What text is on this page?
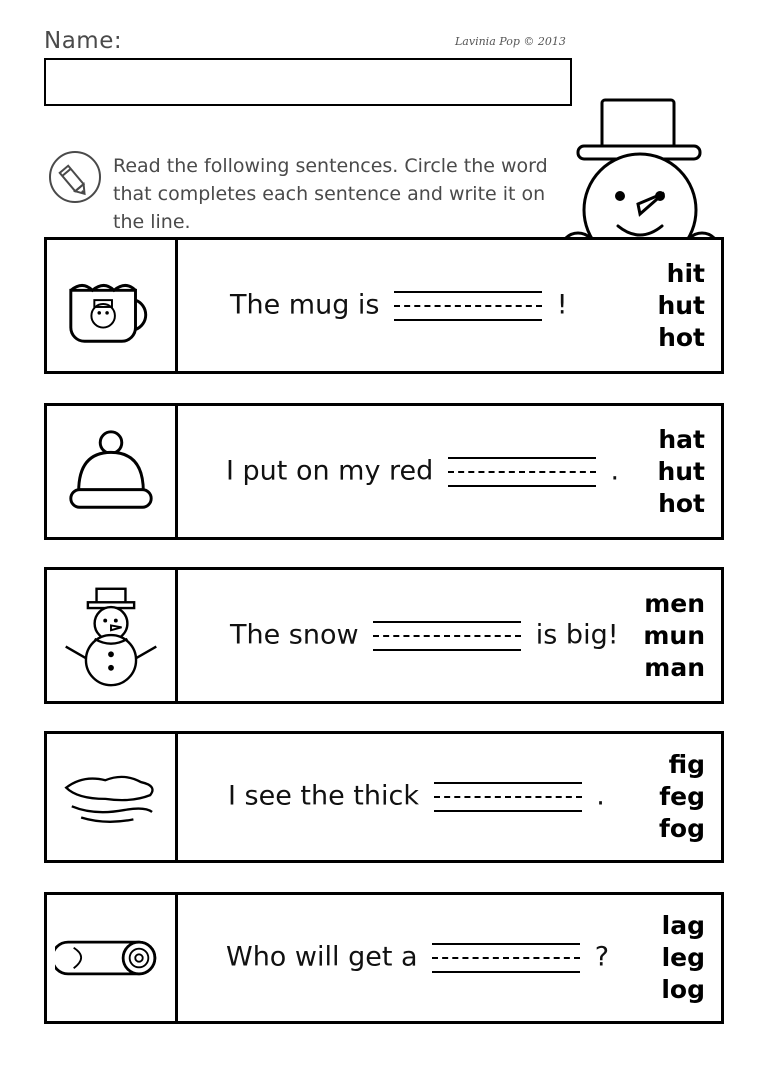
Name:	Lavinia Pop © 2013
Read the following sentences. Circle the word that completes each sentence and write it on the line.
The mug is	!
hit
hut
hot
I put on my red	.
hat
hut
hot
The snow	is big!
men
mun
man
I see the thick	.
fig
feg
fog
Who will get a	?
lag
leg
log
